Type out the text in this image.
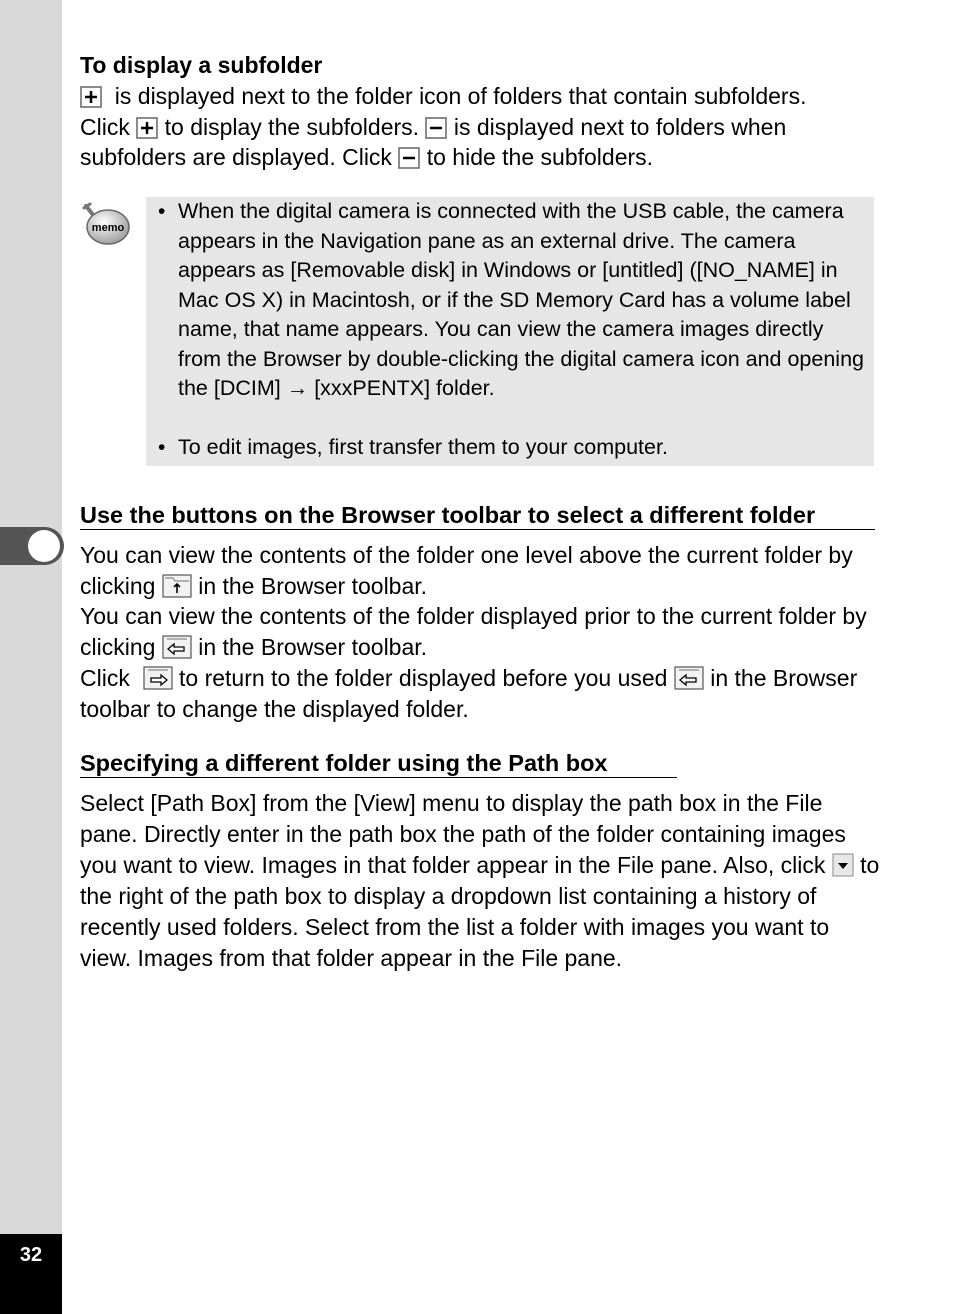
32
To display a subfolder
is displayed next to the folder icon of folders that contain subfolders.
Click to display the subfolders. is displayed next to folders when
subfolders are displayed. Click to hide the subfolders.
memo
• When the digital camera is connected with the USB cable, the camera appears in the Navigation pane as an external drive. The camera appears as [Removable disk] in Windows or [untitled] ([NO_NAME] in Mac OS X) in Macintosh, or if the SD Memory Card has a volume label name, that name appears. You can view the camera images directly from the Browser by double-clicking the digital camera icon and opening the [DCIM] → [xxxPENTX] folder.

• To edit images, first transfer them to your computer.

Use the buttons on the Browser toolbar to select a different folder
You can view the contents of the folder one level above the current folder by clicking in the Browser toolbar.
You can view the contents of the folder displayed prior to the current folder by clicking in the Browser toolbar.
Click to return to the folder displayed before you used in the Browser toolbar to change the displayed folder.
Specifying a different folder using the Path box
Select [Path Box] from the [View] menu to display the path box in the File pane. Directly enter in the path box the path of the folder containing images you want to view. Images in that folder appear in the File pane. Also, click to the right of the path box to display a dropdown list containing a history of recently used folders. Select from the list a folder with images you want to view. Images from that folder appear in the File pane.
